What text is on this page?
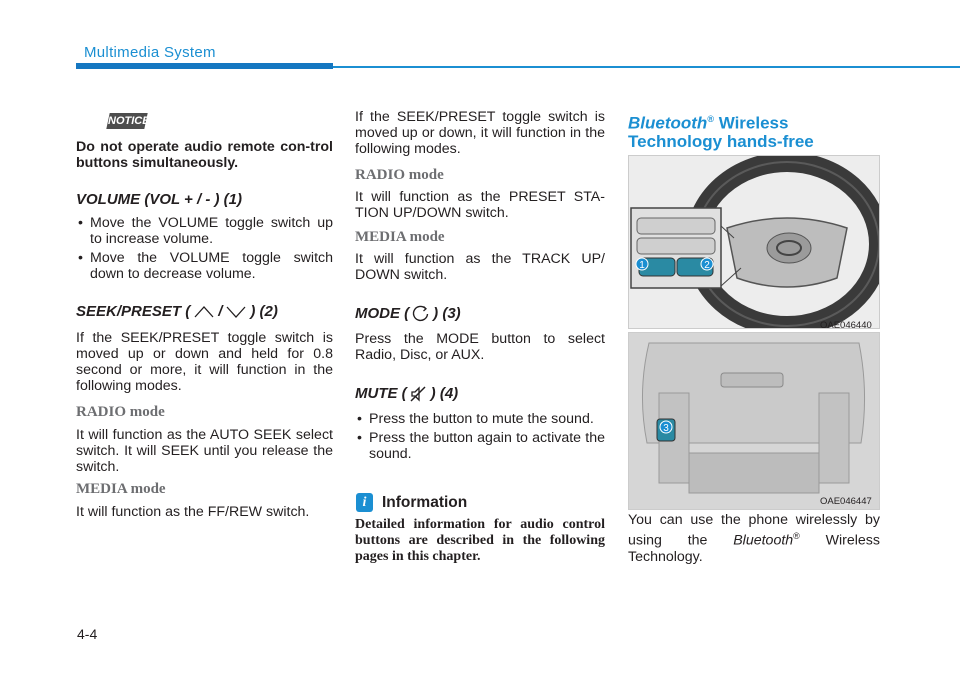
Multimedia System
NOTICE

Do not operate audio remote con-trol buttons simultaneously.

VOLUME (VOL + / - ) (1)
• Move the VOLUME toggle switch up to increase volume.
• Move the VOLUME toggle switch down to decrease volume.
SEEK/PRESET ( / ) (2)

If the SEEK/PRESET toggle switch is moved up or down and held for 0.8 second or more, it will function in the following modes.

RADIO mode

It will function as the AUTO SEEK select switch. It will SEEK until you release the switch.

MEDIA mode

It will function as the FF/REW switch.

If the SEEK/PRESET toggle switch is moved up or down, it will function in the following modes.

RADIO mode

It will function as the PRESET STA-TION UP/DOWN switch.

MEDIA mode

It will function as the TRACK UP/ DOWN switch.

MODE ( ) (3)

Press the MODE button to select Radio, Disc, or AUX.

MUTE ( ) (4)
• Press the button to mute the sound.
• Press the button again to activate the sound.
i	Information
Detailed information for audio control buttons are described in the following pages in this chapter.
Bluetooth® Wireless Technology hands-free
1	2
OAE046440
3
OAE046447

You can use the phone wirelessly by using the Bluetooth® Wireless Technology.

4-4
